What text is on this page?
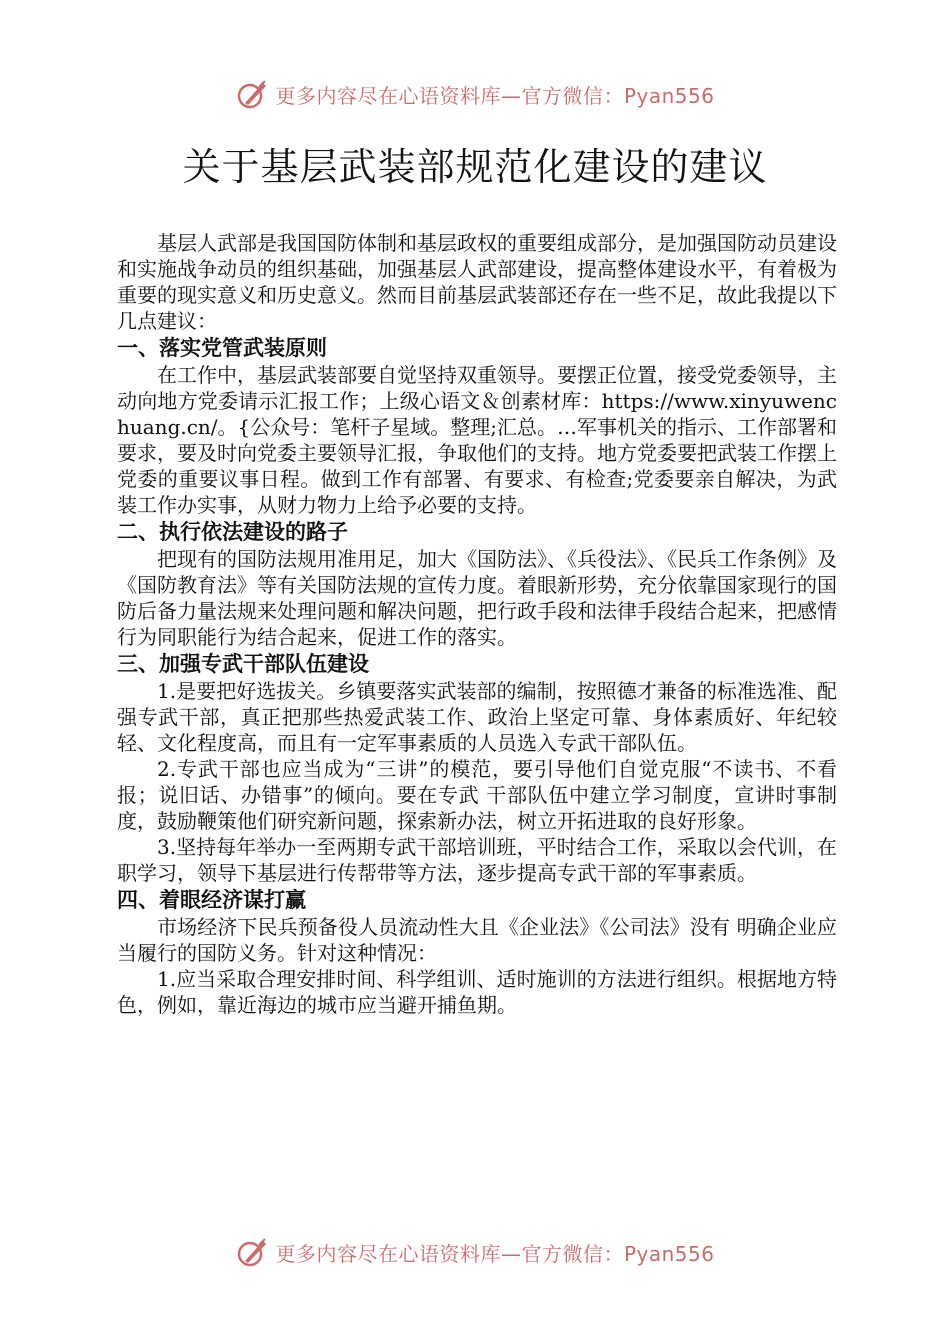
更多内容尽在心语资料库—官方微信：Pyan556
关于基层武装部规范化建设的建议

基层人武部是我国国防体制和基层政权的重要组成部分，是加强国防动员建设和实施战争动员的组织基础，加强基层人武部建设，提高整体建设水平，有着极为重要的现实意义和历史意义。然而目前基层武装部还存在一些不足，故此我提以下几点建议：

一、落实党管武装原则

在工作中，基层武装部要自觉坚持双重领导。要摆正位置，接受党委领导，主动向地方党委请示汇报工作；上级心语文＆创素材库：https://www.xinyuwenchuang.cn/。{公众号：笔杆子星域。整理;汇总。…军事机关的指示、工作部署和要求，要及时向党委主要领导汇报，争取他们的支持。地方党委要把武装工作摆上党委的重要议事日程。做到工作有部署、有要求、有检查;党委要亲自解决，为武装工作办实事，从财力物力上给予必要的支持。

二、执行依法建设的路子

把现有的国防法规用准用足，加大《国防法》、《兵役法》、《民兵工作条例》及《国防教育法》等有关国防法规的宣传力度。着眼新形势，充分依靠国家现行的国防后备力量法规来处理问题和解决问题，把行政手段和法律手段结合起来，把感情行为同职能行为结合起来，促进工作的落实。

三、加强专武干部队伍建设

1.是要把好选拔关。乡镇要落实武装部的编制，按照德才兼备的标准选准、配强专武干部，真正把那些热爱武装工作、政治上坚定可靠、身体素质好、年纪较轻、文化程度高，而且有一定军事素质的人员选入专武干部队伍。

2.专武干部也应当成为“三讲”的模范，要引导他们自觉克服“不读书、不看报；说旧话、办错事”的倾向。要在专武 干部队伍中建立学习制度，宣讲时事制度，鼓励鞭策他们研究新问题，探索新办法，树立开拓进取的良好形象。

3.坚持每年举办一至两期专武干部培训班，平时结合工作，采取以会代训，在职学习，领导下基层进行传帮带等方法，逐步提高专武干部的军事素质。

四、着眼经济谋打赢

市场经济下民兵预备役人员流动性大且《企业法》《公司法》没有 明确企业应当履行的国防义务。针对这种情况：

1.应当采取合理安排时间、科学组训、适时施训的方法进行组织。根据地方特色，例如，靠近海边的城市应当避开捕鱼期。

更多内容尽在心语资料库—官方微信：Pyan556
